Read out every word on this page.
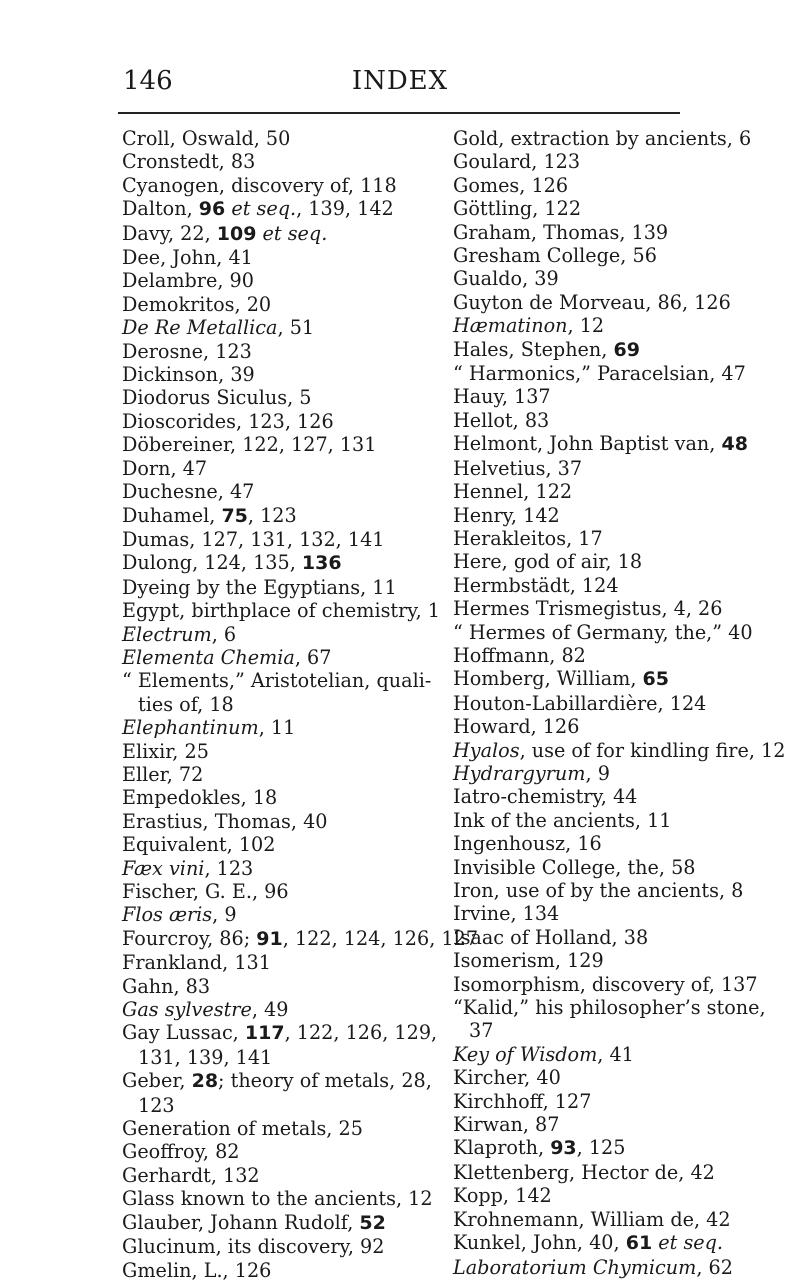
146	INDEX
Croll, Oswald, 50
Cronstedt, 83
Cyanogen, discovery of, 118
Dalton, 96 et seq., 139, 142
Davy, 22, 109 et seq.
Dee, John, 41
Delambre, 90
Demokritos, 20
De Re Metallica, 51
Derosne, 123
Dickinson, 39
Diodorus Siculus, 5
Dioscorides, 123, 126
Döbereiner, 122, 127, 131
Dorn, 47
Duchesne, 47
Duhamel, 75, 123
Dumas, 127, 131, 132, 141
Dulong, 124, 135, 136
Dyeing by the Egyptians, 11
Egypt, birthplace of chemistry, 1
Electrum, 6
Elementa Chemia, 67
“ Elements,” Aristotelian, quali-
ties of, 18
Elephantinum, 11
Elixir, 25
Eller, 72
Empedokles, 18
Erastius, Thomas, 40
Equivalent, 102
Fæx vini, 123
Fischer, G. E., 96
Flos æris, 9
Fourcroy, 86; 91, 122, 124, 126, 127
Frankland, 131
Gahn, 83
Gas sylvestre, 49
Gay Lussac, 117, 122, 126, 129,
131, 139, 141
Geber, 28; theory of metals, 28,
123
Generation of metals, 25
Geoffroy, 82
Gerhardt, 132
Glass known to the ancients, 12
Glauber, Johann Rudolf, 52
Glucinum, its discovery, 92
Gmelin, L., 126
Gold, extraction by ancients, 6
Goulard, 123
Gomes, 126
Göttling, 122
Graham, Thomas, 139
Gresham College, 56
Gualdo, 39
Guyton de Morveau, 86, 126
Hæmatinon, 12
Hales, Stephen, 69
“ Harmonics,” Paracelsian, 47
Hauy, 137
Hellot, 83
Helmont, John Baptist van, 48
Helvetius, 37
Hennel, 122
Henry, 142
Herakleitos, 17
Here, god of air, 18
Hermbstädt, 124
Hermes Trismegistus, 4, 26
“ Hermes of Germany, the,” 40
Hoffmann, 82
Homberg, William, 65
Houton-Labillardière, 124
Howard, 126
Hyalos, use of for kindling fire, 12
Hydrargyrum, 9
Iatro-chemistry, 44
Ink of the ancients, 11
Ingenhousz, 16
Invisible College, the, 58
Iron, use of by the ancients, 8
Irvine, 134
Isaac of Holland, 38
Isomerism, 129
Isomorphism, discovery of, 137
“Kalid,” his philosopher’s stone,
37
Key of Wisdom, 41
Kircher, 40
Kirchhoff, 127
Kirwan, 87
Klaproth, 93, 125
Klettenberg, Hector de, 42
Kopp, 142
Krohnemann, William de, 42
Kunkel, John, 40, 61 et seq.
Laboratorium Chymicum, 62
